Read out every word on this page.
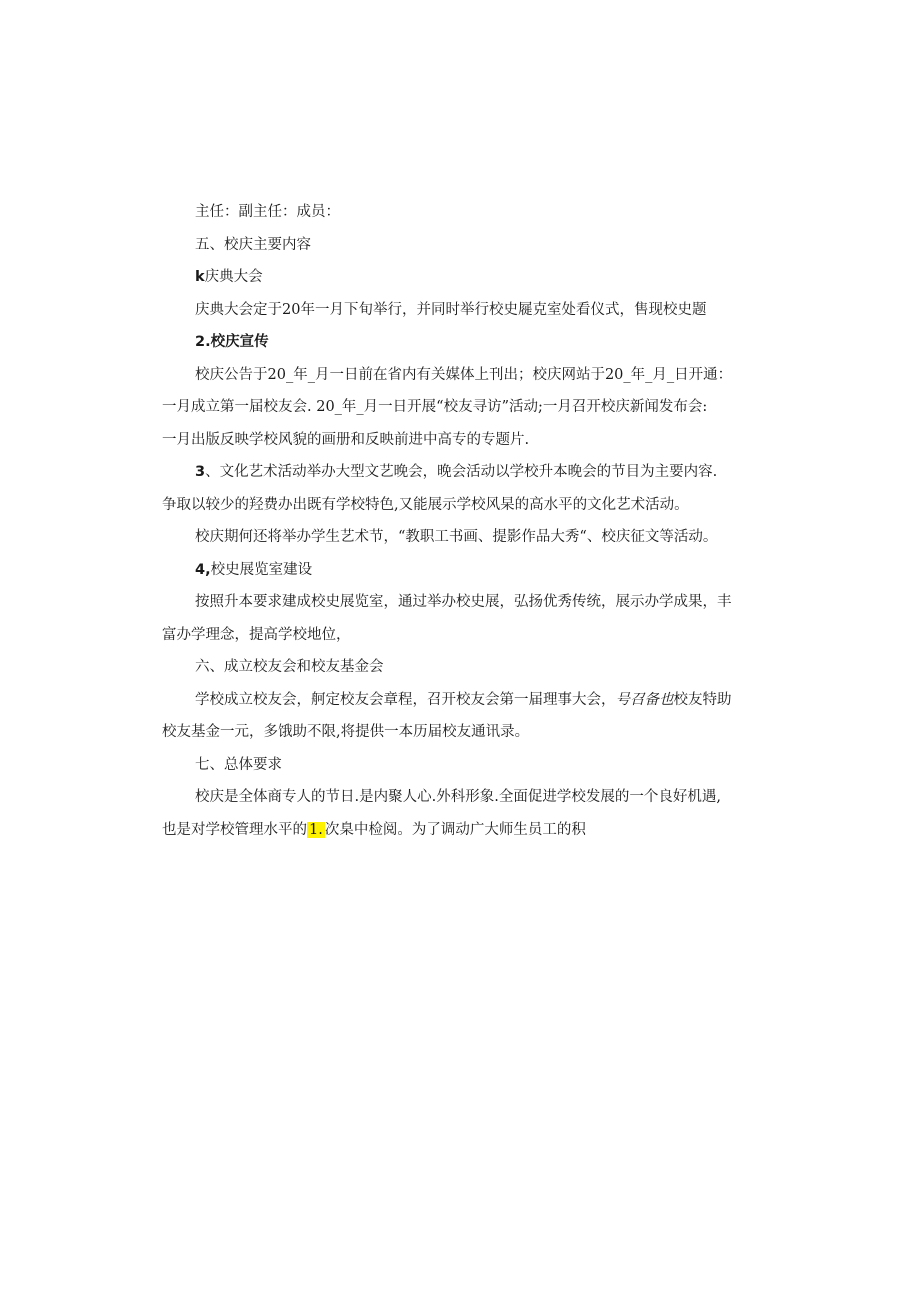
主任：副主任：成员：
五、校庆主要内容
k庆典大会
庆典大会定于20年一月下旬举行，并同时举行校史屣克室处看仪式，售现校史题
2.校庆宣传
校庆公告于20_年_月一日前在省内有关媒体上刊出；校庆网站于20_年_月_日开通：
一月成立第一届校友会. 20_年_月一日开展“校友寻访”活动;一月召开校庆新闻发布会:
一月出版反映学校风貌的画册和反映前进中高专的专题片.
3、文化艺术活动举办大型文艺晚会，晚会活动以学校升本晚会的节目为主要内容.
争取以较少的羟费办出既有学校特色,又能展示学校风杲的高水平的文化艺术活动。
校庆期何还将举办学生艺术节，“教职工书画、提影作品大秀“、校庆征文等活动。
4,校史展览室建设
按照升本要求建成校史展览室，通过举办校史展，弘扬优秀传统，展示办学成果，丰
富办学理念，提高学校地位，
六、成立校友会和校友基金会
学校成立校友会，舸定校友会章程，召开校友会第一届理事大会，号召备也校友特助
校友基金一元，多饿助不限,将提供一本历届校友通讯录。
七、总体要求
校庆是全体商专人的节日.是内聚人心.外科形象.全面促进学校发展的一个良好机遇,
也是对学校管理水平的 1. 次臬中检阅。为了调动广大师生员工的积
